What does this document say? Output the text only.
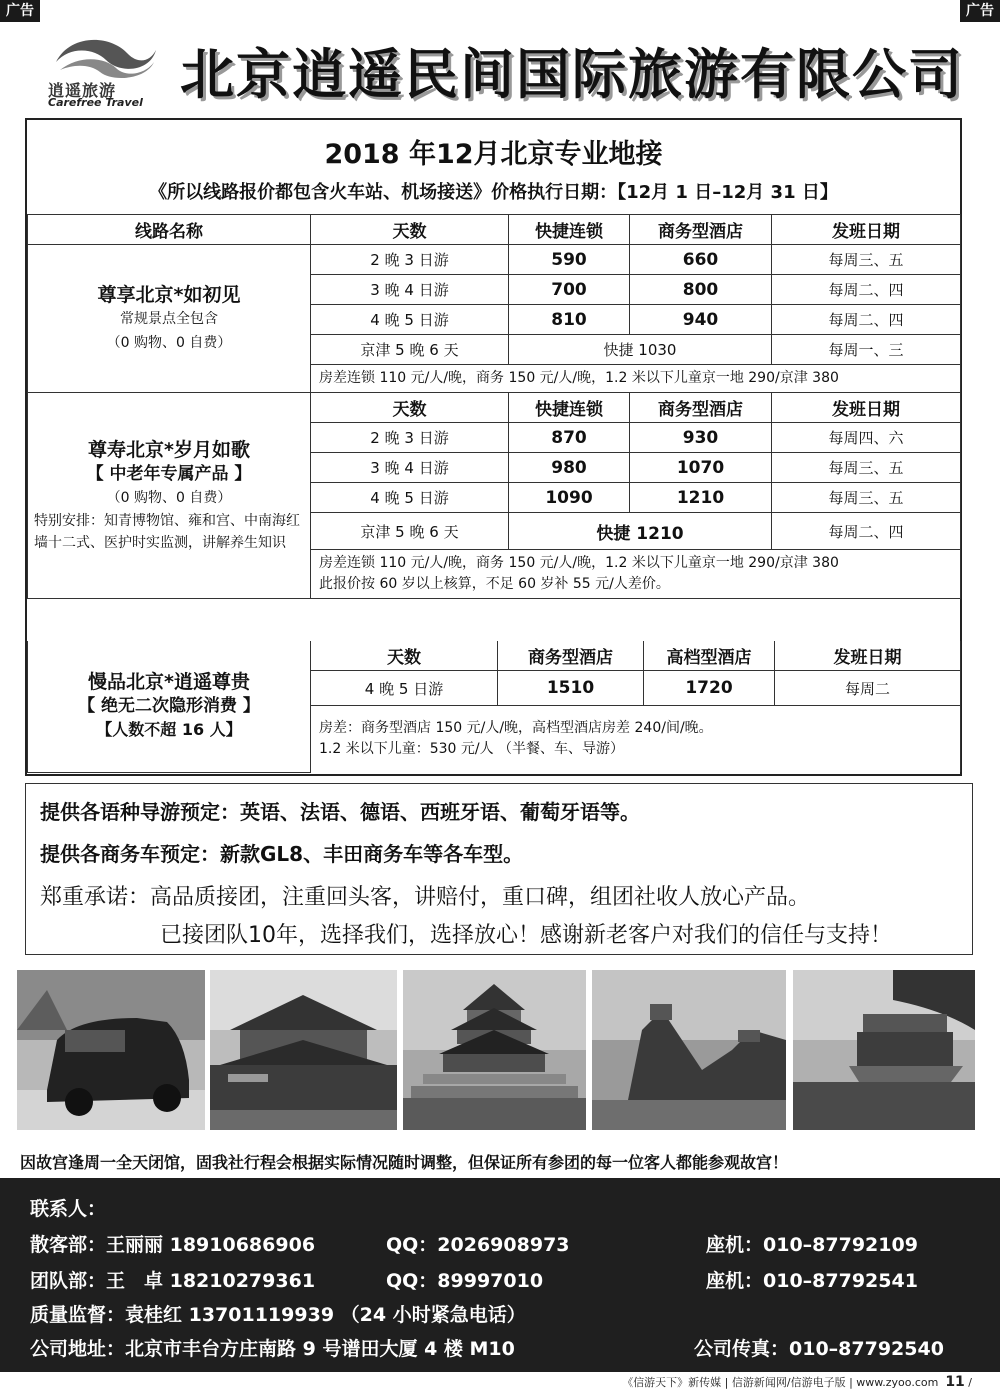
广告	广告
逍遥旅游
Carefree Travel 北京逍遥民间国际旅游有限公司
2018 年12月北京专业地接
《所以线路报价都包含火车站、机场接送》价格执行日期：【12月 1 日–12月 31 日】
线路名称	天数	快捷连锁	商务型酒店	发班日期

尊享北京*如初见
常规景点全包含
（0 购物、0 自费）	2 晚 3 日游	590	660	每周三、五
	3 晚 4 日游	700	800	每周二、四
	4 晚 5 日游	810	940	每周二、四
	京津 5 晚 6 天	快捷 1030		每周一、三
	房差连锁 110 元/人/晚，商务 150 元/人/晚，1.2 米以下儿童京一地 290/京津 380			

尊寿北京*岁月如歌
【 中老年专属产品 】
（0 购物、0 自费）
特别安排：知青博物馆、雍和宫、中南海红墙十二式、医护时实监测，讲解养生知识	天数	快捷连锁	商务型酒店	发班日期
	2 晚 3 日游	870	930	每周四、六
	3 晚 4 日游	980	1070	每周三、五
	4 晚 5 日游	1090	1210	每周三、五
	京津 5 晚 6 天	快捷 1210		每周二、四

	房差连锁 110 元/人/晚，商务 150 元/人/晚，1.2 米以下儿童京一地 290/京津 380
此报价按 60 岁以上核算，不足 60 岁补 55 元/人差价。			
慢品北京*逍遥尊贵
【 绝无二次隐形消费 】
【人数不超 16 人】	天数	商务型酒店	高档型酒店	发班日期
	4 晚 5 日游	1510	1720	每周二

	房差：商务型酒店 150 元/人/晚，高档型酒店房差 240/间/晚。
1.2 米以下儿童：530 元/人 （半餐、车、导游）			
提供各语种导游预定：英语、法语、德语、西班牙语、葡萄牙语等。
提供各商务车预定：新款GL8、丰田商务车等各车型。
郑重承诺：高品质接团，注重回头客，讲赔付，重口碑，组团社收人放心产品。
已接团队10年，选择我们，选择放心！感谢新老客户对我们的信任与支持！
因故宫逢周一全天闭馆，固我社行程会根据实际情况随时调整，但保证所有参团的每一位客人都能参观故宫！
联系人：
散客部：王丽丽 18910686906	QQ：2026908973	座机：010–87792109
团队部：王　卓 18210279361	QQ：89997010	座机：010–87792541
质量监督：袁桂红 13701119939 （24 小时紧急电话）
公司地址：北京市丰台方庄南路 9 号谱田大厦 4 楼 M10	公司传真：010–87792540
《信游天下》新传媒 | 信游新闻网/信游电子版 | www.zyoo.com 11 /
